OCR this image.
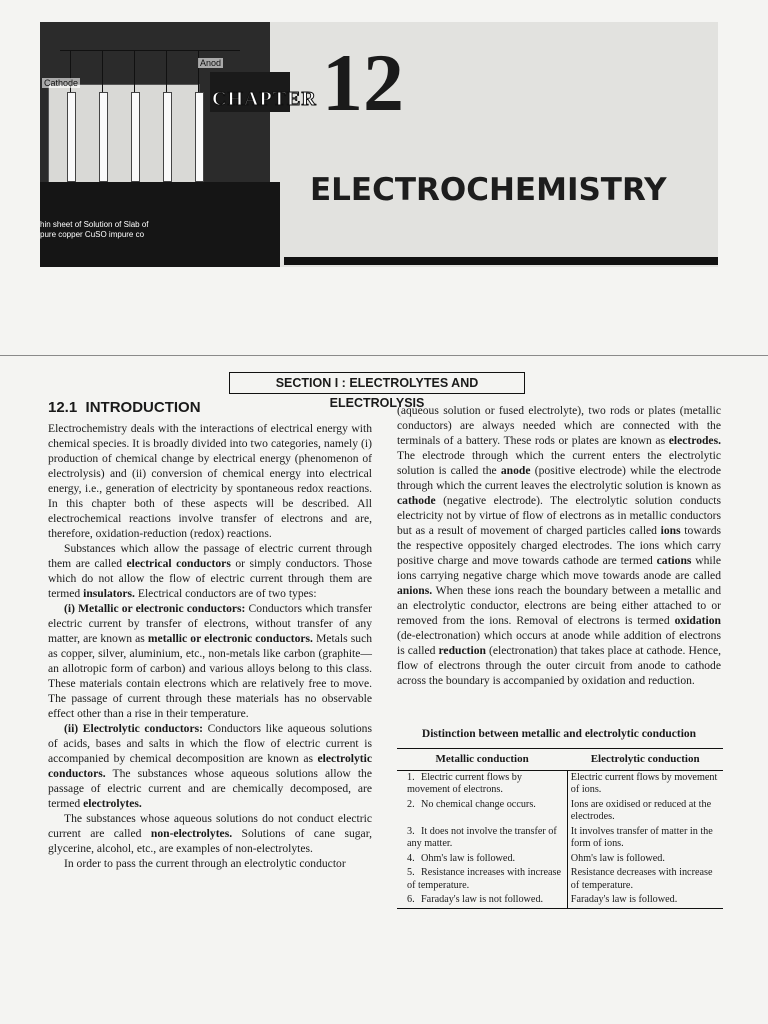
Cathode
Anod
hin sheet of Solution of Slab of
pure copper CuSO impure co
CHAPTER 12
ELECTROCHEMISTRY
SECTION I : ELECTROLYTES AND ELECTROLYSIS
12.1 INTRODUCTION

Electrochemistry deals with the interactions of electrical energy with chemical species. It is broadly divided into two categories, namely (i) production of chemical change by electrical energy (phenomenon of electrolysis) and (ii) conversion of chemical energy into electrical energy, i.e., generation of electricity by spontaneous redox reactions. In this chapter both of these aspects will be described. All electrochemical reactions involve transfer of electrons and are, therefore, oxidation-reduction (redox) reactions.

Substances which allow the passage of electric current through them are called electrical conductors or simply conductors. Those which do not allow the flow of electric current through them are termed insulators. Electrical conductors are of two types:

(i) Metallic or electronic conductors: Conductors which transfer electric current by transfer of electrons, without transfer of any matter, are known as metallic or electronic conductors. Metals such as copper, silver, aluminium, etc., non-metals like carbon (graphite—an allotropic form of carbon) and various alloys belong to this class. These materials contain electrons which are relatively free to move. The passage of current through these materials has no observable effect other than a rise in their temperature.

(ii) Electrolytic conductors: Conductors like aqueous solutions of acids, bases and salts in which the flow of electric current is accompanied by chemical decomposition are known as electrolytic conductors. The substances whose aqueous solutions allow the passage of electric current and are chemically decomposed, are termed electrolytes.

The substances whose aqueous solutions do not conduct electric current are called non-electrolytes. Solutions of cane sugar, glycerine, alcohol, etc., are examples of non-electrolytes.

In order to pass the current through an electrolytic conductor

(aqueous solution or fused electrolyte), two rods or plates (metallic conductors) are always needed which are connected with the terminals of a battery. These rods or plates are known as electrodes. The electrode through which the current enters the electrolytic solution is called the anode (positive electrode) while the electrode through which the current leaves the electrolytic solution is known as cathode (negative electrode). The electrolytic solution conducts electricity not by virtue of flow of electrons as in metallic conductors but as a result of movement of charged particles called ions towards the respective oppositely charged electrodes. The ions which carry positive charge and move towards cathode are termed cations while ions carrying negative charge which move towards anode are called anions. When these ions reach the boundary between a metallic and an electrolytic conductor, electrons are being either attached to or removed from the ions. Removal of electrons is termed oxidation (de-electronation) which occurs at anode while addition of electrons is called reduction (electronation) that takes place at cathode. Hence, flow of electrons through the outer circuit from anode to cathode across the boundary is accompanied by oxidation and reduction.

Distinction between metallic and electrolytic conduction
Metallic conduction	Electrolytic conduction
1. Electric current flows by movement of electrons.	Electric current flows by movement of ions.
2. No chemical change occurs.	Ions are oxidised or reduced at the electrodes.
3. It does not involve the transfer of any matter.	It involves transfer of matter in the form of ions.
4. Ohm's law is followed.	Ohm's law is followed.
5. Resistance increases with increase of temperature.	Resistance decreases with increase of temperature.
6. Faraday's law is not followed.	Faraday's law is followed.
